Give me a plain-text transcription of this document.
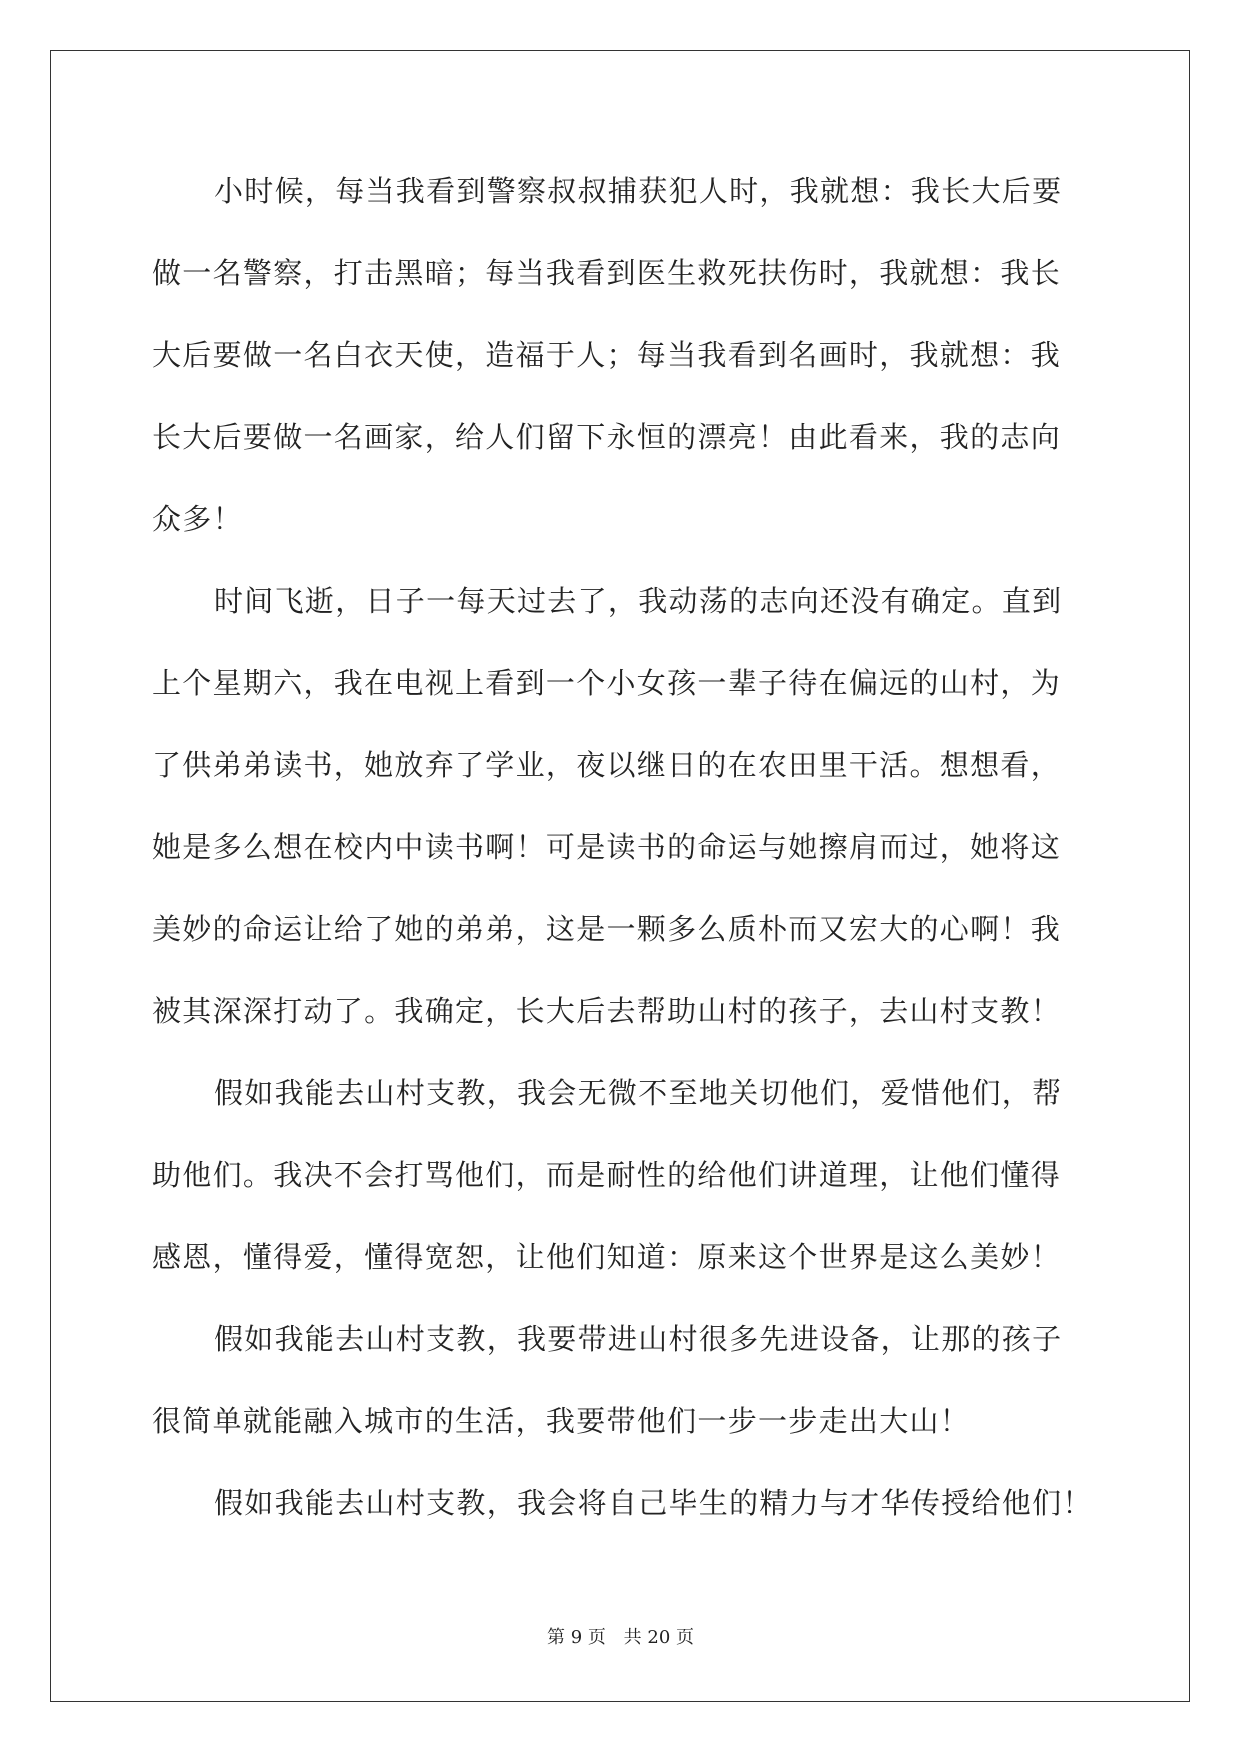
小时候，每当我看到警察叔叔捕获犯人时，我就想：我长大后要
做一名警察，打击黑暗；每当我看到医生救死扶伤时，我就想：我长
大后要做一名白衣天使，造福于人；每当我看到名画时，我就想：我
长大后要做一名画家，给人们留下永恒的漂亮！由此看来，我的志向
众多！
时间飞逝，日子一每天过去了，我动荡的志向还没有确定。直到
上个星期六，我在电视上看到一个小女孩一辈子待在偏远的山村，为
了供弟弟读书，她放弃了学业，夜以继日的在农田里干活。想想看，
她是多么想在校内中读书啊！可是读书的命运与她擦肩而过，她将这
美妙的命运让给了她的弟弟，这是一颗多么质朴而又宏大的心啊！我
被其深深打动了。我确定，长大后去帮助山村的孩子，去山村支教！
假如我能去山村支教，我会无微不至地关切他们，爱惜他们，帮
助他们。我决不会打骂他们，而是耐性的给他们讲道理，让他们懂得
感恩，懂得爱，懂得宽恕，让他们知道：原来这个世界是这么美妙！
假如我能去山村支教，我要带进山村很多先进设备，让那的孩子
很简单就能融入城市的生活，我要带他们一步一步走出大山！
假如我能去山村支教，我会将自己毕生的精力与才华传授给他们！
第 9 页 共 20 页
